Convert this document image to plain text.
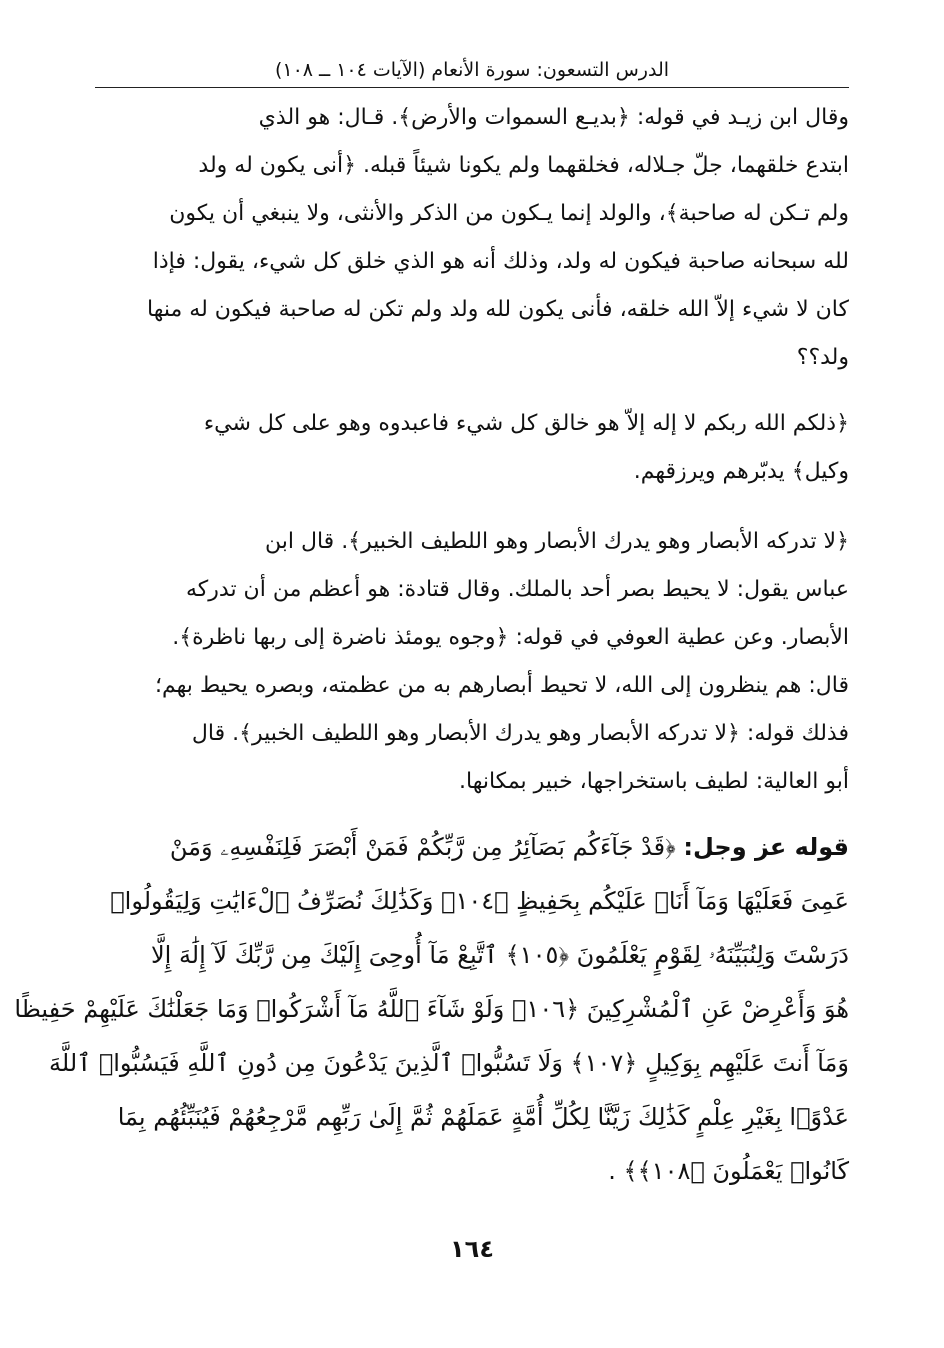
الدرس التسعون: سورة الأنعام (الآيات ١٠٤ ــ ١٠٨)
وقال ابن زيـد في قوله: ﴿بديـع السموات والأرض﴾. قـال: هو الذي
ابتدع خلقهما، جلّ جـلاله، فخلقهما ولم يكونا شيئاً قبله. ﴿أنى يكون له ولد
ولم تـكن له صاحبة﴾، والولد إنما يـكون من الذكر والأنثى، ولا ينبغي أن يكون
لله سبحانه صاحبة فيكون له ولد، وذلك أنه هو الذي خلق كل شيء، يقول: فإذا
كان لا شيء إلاّ الله خلقه، فأنى يكون لله ولد ولم تكن له صاحبة فيكون له منها
ولد؟؟
﴿ذلكم الله ربكم لا إله إلاّ هو خالق كل شيء فاعبدوه وهو على كل شيء
وكيل﴾ يدبّرهم ويرزقهم.
﴿لا تدركه الأبصار وهو يدرك الأبصار وهو اللطيف الخبير﴾. قال ابن
عباس يقول: لا يحيط بصر أحد بالملك. وقال قتادة: هو أعظم من أن تدركه
الأبصار. وعن عطية العوفي في قوله: ﴿وجوه يومئذ ناضرة إلى ربها ناظرة﴾.
قال: هم ينظرون إلى الله، لا تحيط أبصارهم به من عظمته، وبصره يحيط بهم؛
فذلك قوله: ﴿لا تدركه الأبصار وهو يدرك الأبصار وهو اللطيف الخبير﴾. قال
أبو العالية: لطيف باستخراجها، خبير بمكانها.
قوله عز وجل: ﴿قَدْ جَآءَكُم بَصَآئِرُ مِن رَّبِّكُمْ فَمَنْ أَبْصَرَ فَلِنَفْسِهِۦ وَمَنْ
عَمِىَ فَعَلَيْهَا وَمَآ أَنَا۠ عَلَيْكُم بِحَفِيظٍ ﴿١٠٤﴾ وَكَذَٰلِكَ نُصَرِّفُ ٱلْءَايَٰتِ وَلِيَقُولُوا۟
دَرَسْتَ وَلِنُبَيِّنَهُۥ لِقَوْمٍ يَعْلَمُونَ ﴿١٠٥﴾ ٱتَّبِعْ مَآ أُوحِىَ إِلَيْكَ مِن رَّبِّكَ لَآ إِلَٰهَ إِلَّا
هُوَ وَأَعْرِضْ عَنِ ٱلْمُشْرِكِينَ ﴿١٠٦﴾ وَلَوْ شَآءَ ٱللَّهُ مَآ أَشْرَكُوا۟ وَمَا جَعَلْنَٰكَ عَلَيْهِمْ حَفِيظًا
وَمَآ أَنتَ عَلَيْهِم بِوَكِيلٍ ﴿١٠٧﴾ وَلَا تَسُبُّوا۟ ٱلَّذِينَ يَدْعُونَ مِن دُونِ ٱللَّهِ فَيَسُبُّوا۟ ٱللَّهَ
عَدْوًۢا بِغَيْرِ عِلْمٍ كَذَٰلِكَ زَيَّنَّا لِكُلِّ أُمَّةٍ عَمَلَهُمْ ثُمَّ إِلَىٰ رَبِّهِم مَّرْجِعُهُمْ فَيُنَبِّئُهُم بِمَا
كَانُوا۟ يَعْمَلُونَ ﴿١٠٨﴾﴾ .
١٦٤
